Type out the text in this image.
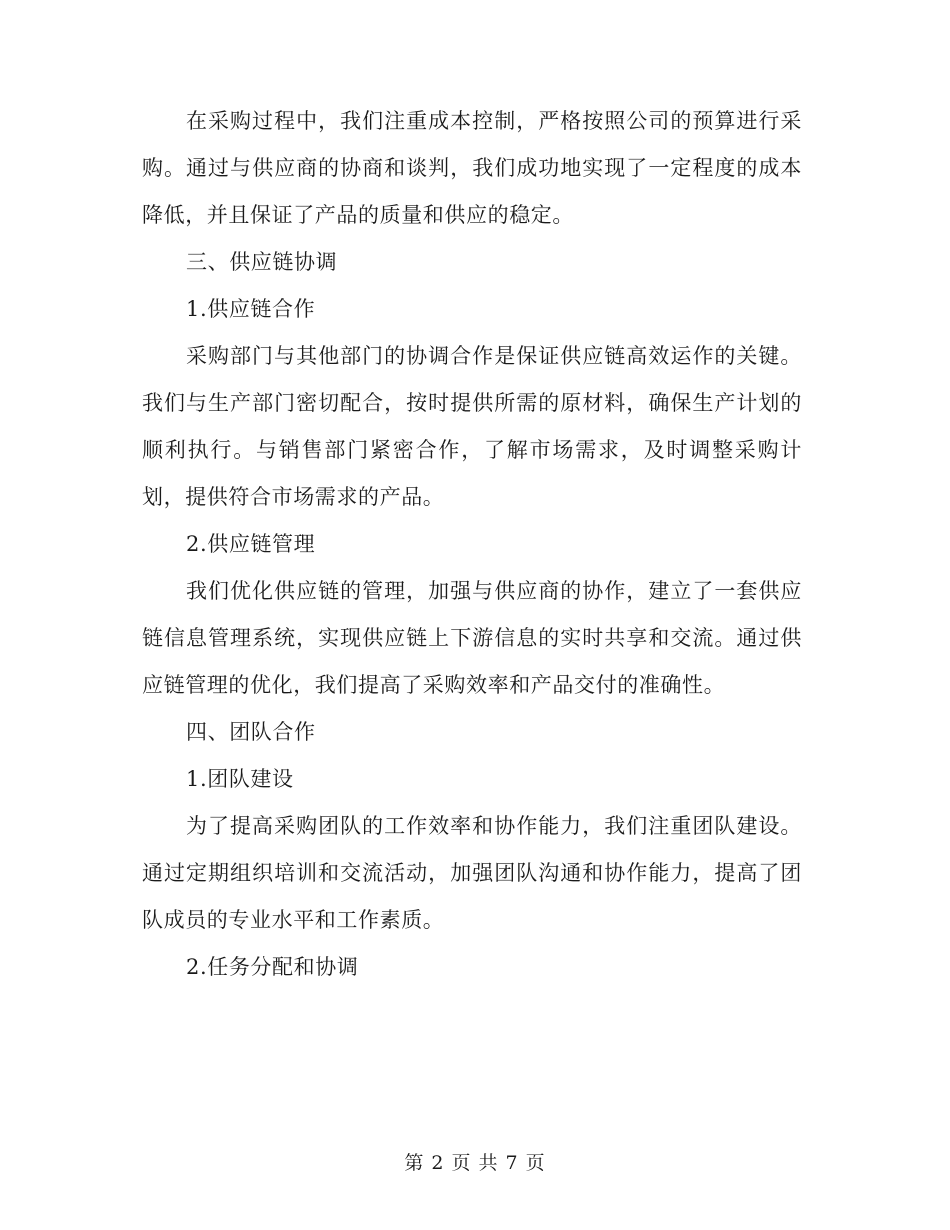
在采购过程中，我们注重成本控制，严格按照公司的预算进行采购。通过与供应商的协商和谈判，我们成功地实现了一定程度的成本降低，并且保证了产品的质量和供应的稳定。

三、供应链协调

1.供应链合作

采购部门与其他部门的协调合作是保证供应链高效运作的关键。我们与生产部门密切配合，按时提供所需的原材料，确保生产计划的顺利执行。与销售部门紧密合作，了解市场需求，及时调整采购计划，提供符合市场需求的产品。

2.供应链管理

我们优化供应链的管理，加强与供应商的协作，建立了一套供应链信息管理系统，实现供应链上下游信息的实时共享和交流。通过供应链管理的优化，我们提高了采购效率和产品交付的准确性。

四、团队合作

1.团队建设

为了提高采购团队的工作效率和协作能力，我们注重团队建设。通过定期组织培训和交流活动，加强团队沟通和协作能力，提高了团队成员的专业水平和工作素质。

2.任务分配和协调

第 2 页 共 7 页
